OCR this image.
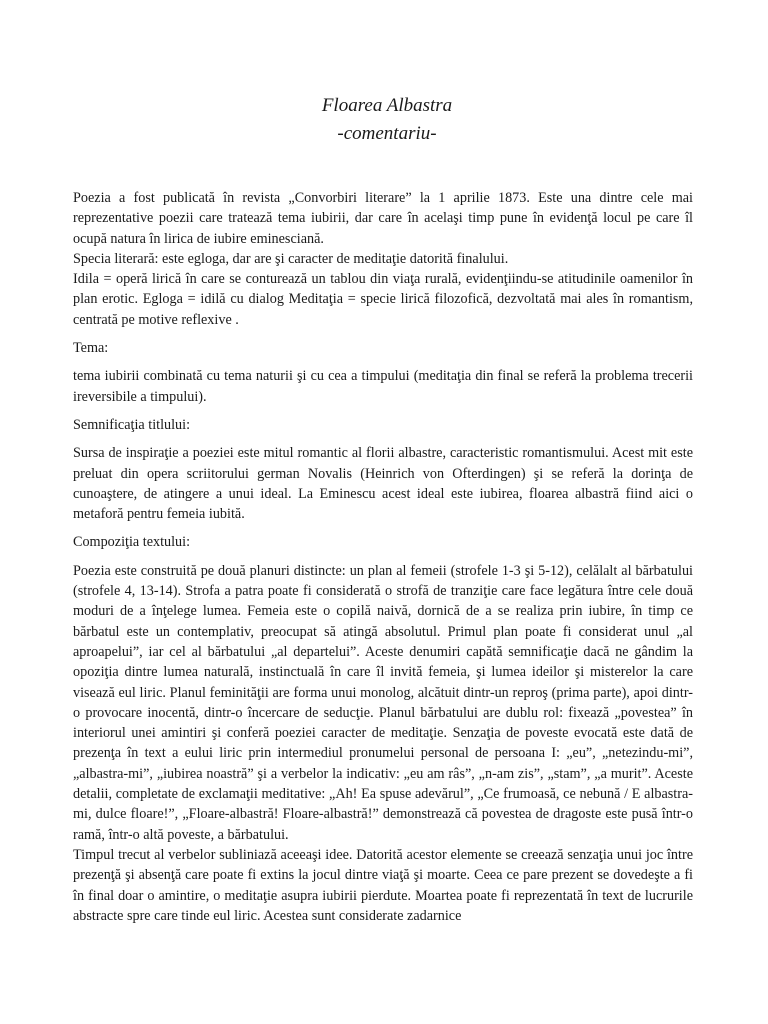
Floarea Albastra
-comentariu-

Poezia a fost publicată în revista „Convorbiri literare” la 1 aprilie 1873. Este una dintre cele mai reprezentative poezii care tratează tema iubirii, dar care în acelaşi timp pune în evidenţă locul pe care îl ocupă natura în lirica de iubire eminesciană.

Specia literară: este egloga, dar are şi caracter de meditaţie datorită finalului.

Idila = operă lirică în care se conturează un tablou din viaţa rurală, evidenţiindu-se atitudinile oamenilor în plan erotic. Egloga = idilă cu dialog Meditaţia = specie lirică filozofică, dezvoltată mai ales în romantism, centrată pe motive reflexive .

Tema:

tema iubirii combinată cu tema naturii şi cu cea a timpului (meditaţia din final se referă la problema trecerii ireversibile a timpului).

Semnificaţia titlului:

Sursa de inspiraţie a poeziei este mitul romantic al florii albastre, caracteristic romantismului. Acest mit este preluat din opera scriitorului german Novalis (Heinrich von Ofterdingen) şi se referă la dorinţa de cunoaştere, de atingere a unui ideal. La Eminescu acest ideal este iubirea, floarea albastră fiind aici o metaforă pentru femeia iubită.

Compoziţia textului:

Poezia este construită pe două planuri distincte: un plan al femeii (strofele 1-3 şi 5-12), celălalt al bărbatului (strofele 4, 13-14). Strofa a patra poate fi considerată o strofă de tranziţie care face legătura între cele două moduri de a înţelege lumea. Femeia este o copilă naivă, dornică de a se realiza prin iubire, în timp ce bărbatul este un contemplativ, preocupat să atingă absolutul. Primul plan poate fi considerat unul „al aproapelui”, iar cel al bărbatului „al departelui”. Aceste denumiri capătă semnificaţie dacă ne gândim la opoziţia dintre lumea naturală, instinctuală în care îl invită femeia, şi lumea ideilor şi misterelor la care visează eul liric. Planul feminităţii are forma unui monolog, alcătuit dintr-un reproş (prima parte), apoi dintr-o provocare inocentă, dintr-o încercare de seducţie. Planul bărbatului are dublu rol: fixează „povestea” în interiorul unei amintiri şi conferă poeziei caracter de meditaţie. Senzaţia de poveste evocată este dată de prezenţa în text a eului liric prin intermediul pronumelui personal de persoana I: „eu”, „netezindu-mi”, „albastra-mi”, „iubirea noastră” şi a verbelor la indicativ: „eu am râs”, „n-am zis”, „stam”, „a murit”. Aceste detalii, completate de exclamaţii meditative: „Ah! Ea spuse adevărul”, „Ce frumoasă, ce nebună / E albastra-mi, dulce floare!”, „Floare-albastră! Floare-albastră!” demonstrează că povestea de dragoste este pusă într-o ramă, într-o altă poveste, a bărbatului.

Timpul trecut al verbelor subliniază aceeaşi idee. Datorită acestor elemente se creează senzaţia unui joc între prezenţă şi absenţă care poate fi extins la jocul dintre viaţă şi moarte. Ceea ce pare prezent se dovedeşte a fi în final doar o amintire, o meditaţie asupra iubirii pierdute. Moartea poate fi reprezentată în text de lucrurile abstracte spre care tinde eul liric. Acestea sunt considerate zadarnice
